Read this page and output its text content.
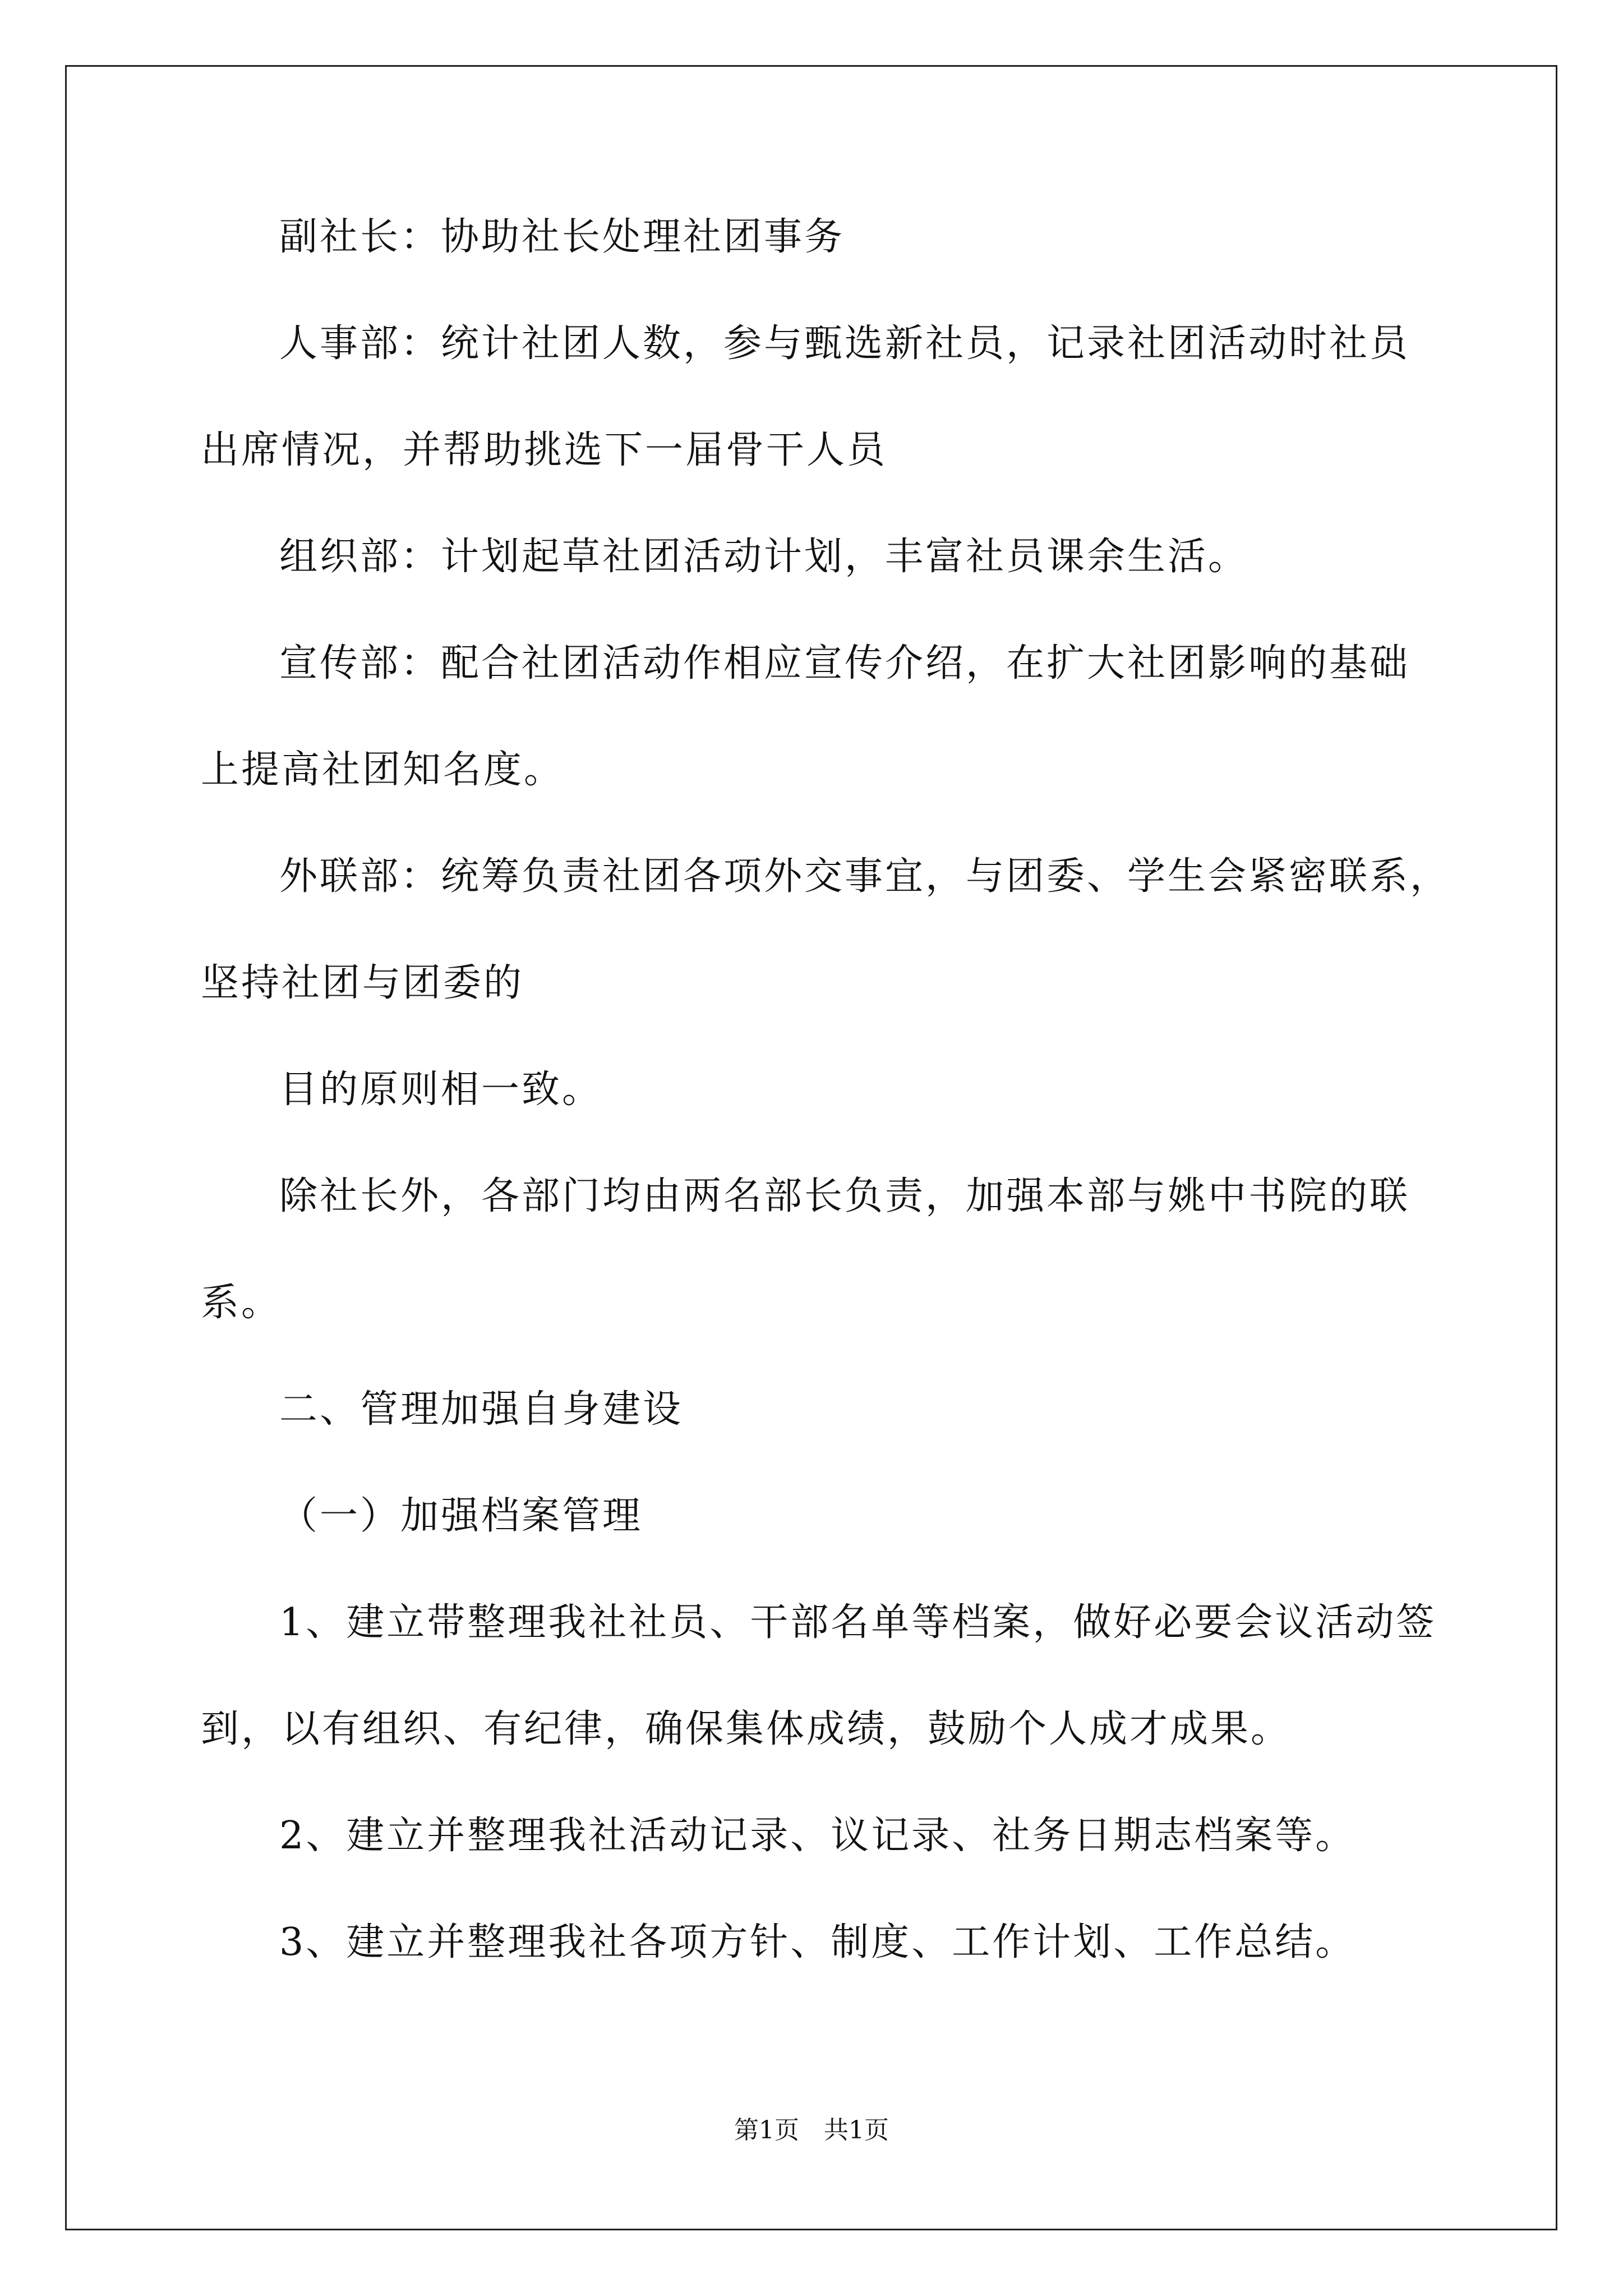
副社长：协助社长处理社团事务
人事部：统计社团人数，参与甄选新社员，记录社团活动时社员
出席情况，并帮助挑选下一届骨干人员
组织部：计划起草社团活动计划，丰富社员课余生活。
宣传部：配合社团活动作相应宣传介绍，在扩大社团影响的基础
上提高社团知名度。
外联部：统筹负责社团各项外交事宜，与团委、学生会紧密联系，
坚持社团与团委的
目的原则相一致。
除社长外，各部门均由两名部长负责，加强本部与姚中书院的联
系。
二、管理加强自身建设
（一）加强档案管理
1、建立带整理我社社员、干部名单等档案，做好必要会议活动签
到，以有组织、有纪律，确保集体成绩，鼓励个人成才成果。
2、建立并整理我社活动记录、议记录、社务日期志档案等。
3、建立并整理我社各项方针、制度、工作计划、工作总结。
第1页　共1页
